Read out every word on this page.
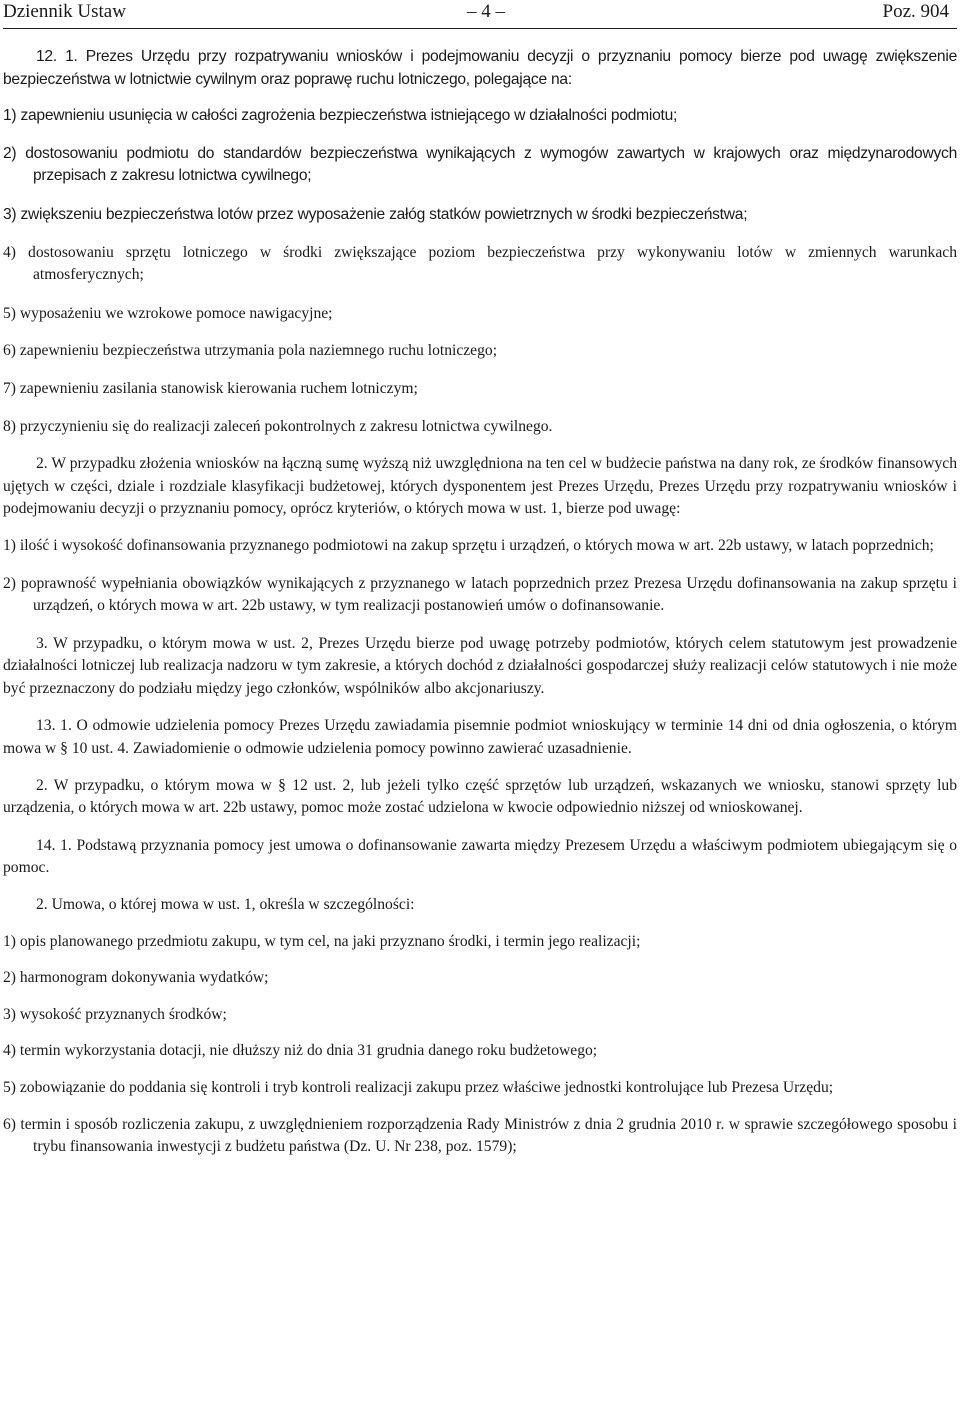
Dziennik Ustaw	– 4 –	Poz. 904

12. 1. Prezes Urzędu przy rozpatrywaniu wniosków i podejmowaniu decyzji o przyznaniu pomocy bierze pod uwagę zwiększenie bezpieczeństwa w lotnictwie cywilnym oraz poprawę ruchu lotniczego, polegające na:

1) zapewnieniu usunięcia w całości zagrożenia bezpieczeństwa istniejącego w działalności podmiotu;

2) dostosowaniu podmiotu do standardów bezpieczeństwa wynikających z wymogów zawartych w krajowych oraz międzynarodowych przepisach z zakresu lotnictwa cywilnego;

3) zwiększeniu bezpieczeństwa lotów przez wyposażenie załóg statków powietrznych w środki bezpieczeństwa;

4) dostosowaniu sprzętu lotniczego w środki zwiększające poziom bezpieczeństwa przy wykonywaniu lotów w zmiennych warunkach atmosferycznych;

5) wyposażeniu we wzrokowe pomoce nawigacyjne;

6) zapewnieniu bezpieczeństwa utrzymania pola naziemnego ruchu lotniczego;

7) zapewnieniu zasilania stanowisk kierowania ruchem lotniczym;

8) przyczynieniu się do realizacji zaleceń pokontrolnych z zakresu lotnictwa cywilnego.

2. W przypadku złożenia wniosków na łączną sumę wyższą niż uwzględniona na ten cel w budżecie państwa na dany rok, ze środków finansowych ujętych w części, dziale i rozdziale klasyfikacji budżetowej, których dysponentem jest Prezes Urzędu, Prezes Urzędu przy rozpatrywaniu wniosków i podejmowaniu decyzji o przyznaniu pomocy, oprócz kryteriów, o których mowa w ust. 1, bierze pod uwagę:

1) ilość i wysokość dofinansowania przyznanego podmiotowi na zakup sprzętu i urządzeń, o których mowa w art. 22b ustawy, w latach poprzednich;

2) poprawność wypełniania obowiązków wynikających z przyznanego w latach poprzednich przez Prezesa Urzędu dofinansowania na zakup sprzętu i urządzeń, o których mowa w art. 22b ustawy, w tym realizacji postanowień umów o dofinansowanie.

3. W przypadku, o którym mowa w ust. 2, Prezes Urzędu bierze pod uwagę potrzeby podmiotów, których celem statutowym jest prowadzenie działalności lotniczej lub realizacja nadzoru w tym zakresie, a których dochód z działalności gospodarczej służy realizacji celów statutowych i nie może być przeznaczony do podziału między jego członków, wspólników albo akcjonariuszy.

13. 1. O odmowie udzielenia pomocy Prezes Urzędu zawiadamia pisemnie podmiot wnioskujący w terminie 14 dni od dnia ogłoszenia, o którym mowa w § 10 ust. 4. Zawiadomienie o odmowie udzielenia pomocy powinno zawierać uzasadnienie.

2. W przypadku, o którym mowa w § 12 ust. 2, lub jeżeli tylko część sprzętów lub urządzeń, wskazanych we wniosku, stanowi sprzęty lub urządzenia, o których mowa w art. 22b ustawy, pomoc może zostać udzielona w kwocie odpowiednio niższej od wnioskowanej.

14. 1. Podstawą przyznania pomocy jest umowa o dofinansowanie zawarta między Prezesem Urzędu a właściwym podmiotem ubiegającym się o pomoc.

2. Umowa, o której mowa w ust. 1, określa w szczególności:

1) opis planowanego przedmiotu zakupu, w tym cel, na jaki przyznano środki, i termin jego realizacji;

2) harmonogram dokonywania wydatków;

3) wysokość przyznanych środków;

4) termin wykorzystania dotacji, nie dłuższy niż do dnia 31 grudnia danego roku budżetowego;

5) zobowiązanie do poddania się kontroli i tryb kontroli realizacji zakupu przez właściwe jednostki kontrolujące lub Prezesa Urzędu;

6) termin i sposób rozliczenia zakupu, z uwzględnieniem rozporządzenia Rady Ministrów z dnia 2 grudnia 2010 r. w sprawie szczegółowego sposobu i trybu finansowania inwestycji z budżetu państwa (Dz. U. Nr 238, poz. 1579);
